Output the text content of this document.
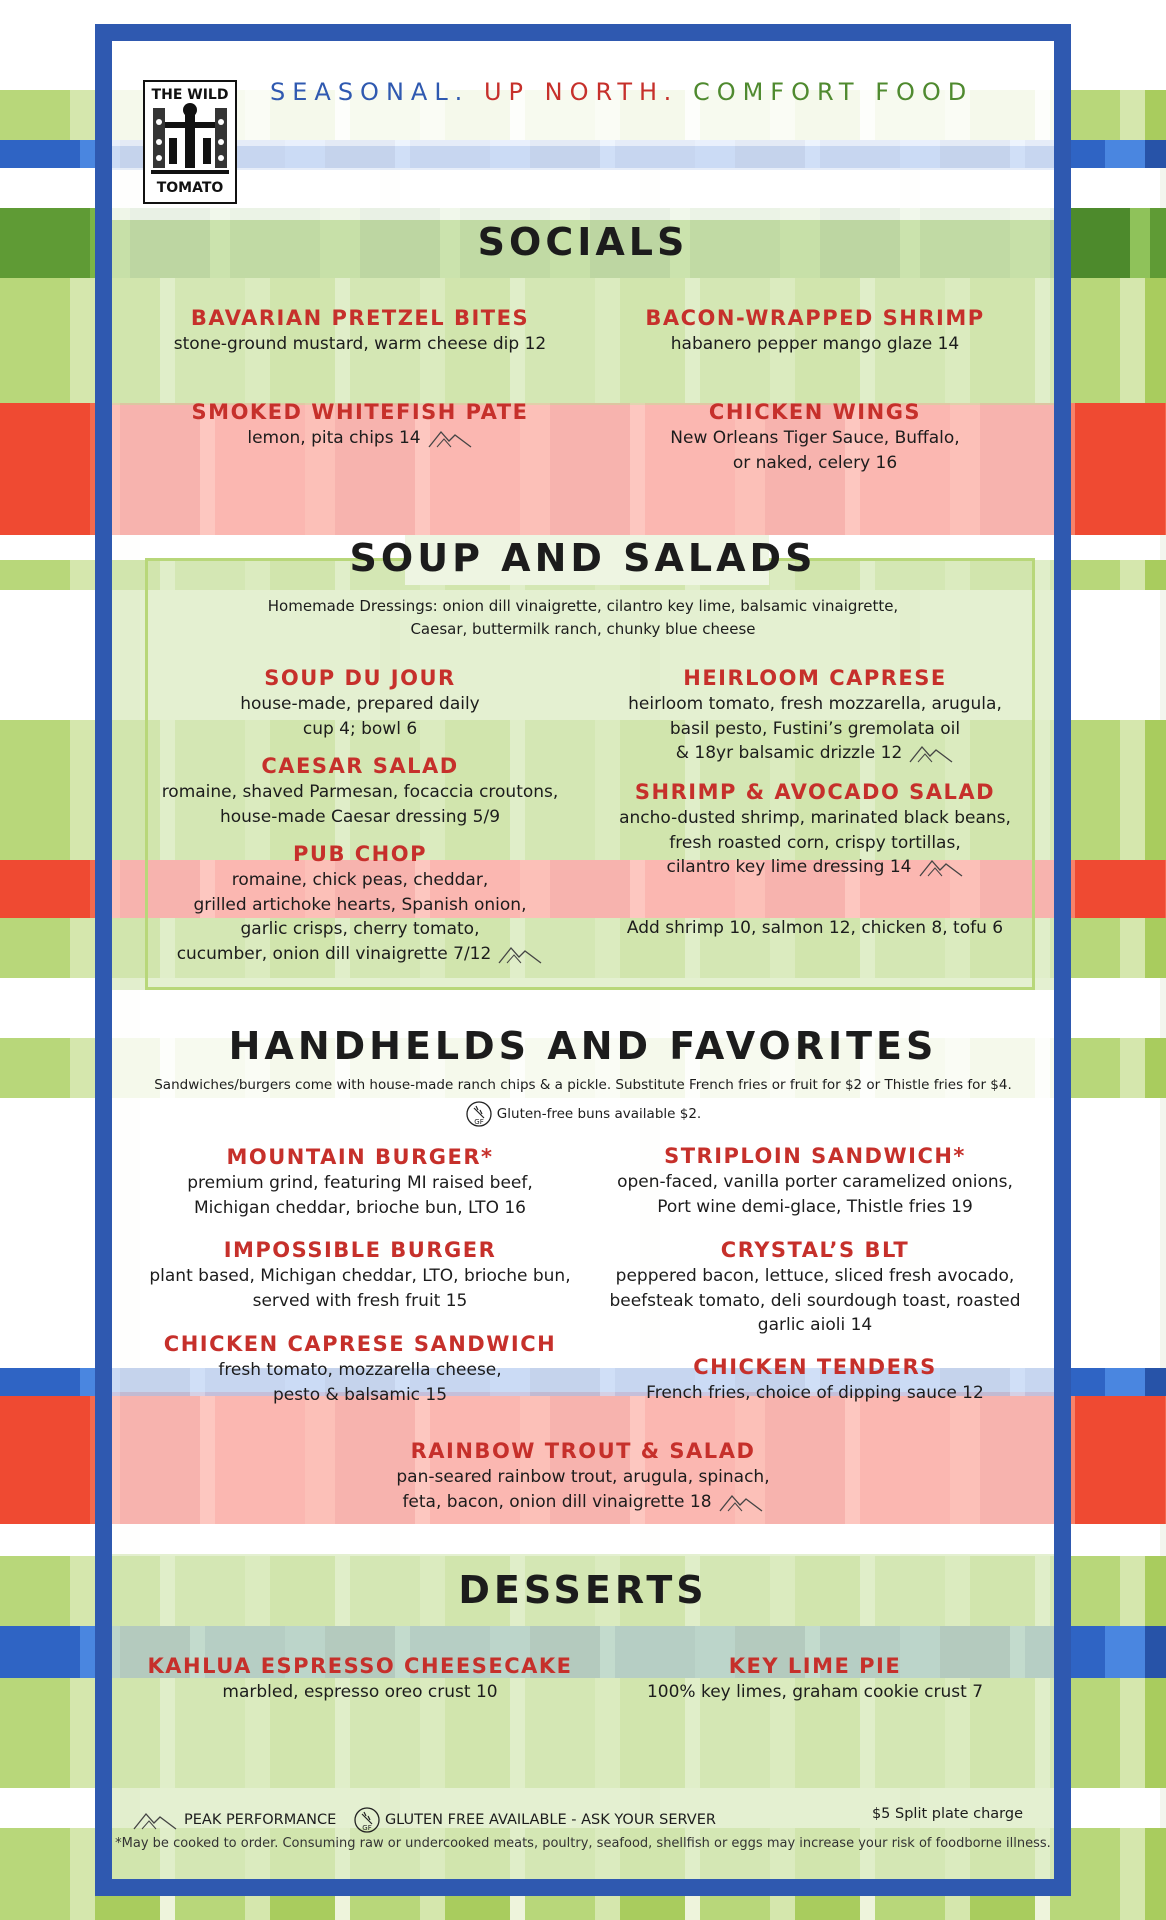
THE WILD
TOMATO
SEASONAL. UP NORTH. COMFORT FOOD
SOCIALS
BAVARIAN PRETZEL BITES
stone-ground mustard, warm cheese dip 12
BACON-WRAPPED SHRIMP
habanero pepper mango glaze 14
SMOKED WHITEFISH PATE
lemon, pita chips 14
CHICKEN WINGS
New Orleans Tiger Sauce, Buffalo,
or naked, celery 16
SOUP AND SALADS
Homemade Dressings: onion dill vinaigrette, cilantro key lime, balsamic vinaigrette,
Caesar, buttermilk ranch, chunky blue cheese
SOUP DU JOUR
house-made, prepared daily
cup 4; bowl 6
HEIRLOOM CAPRESE
heirloom tomato, fresh mozzarella, arugula,
basil pesto, Fustini’s gremolata oil
& 18yr balsamic drizzle 12
CAESAR SALAD
romaine, shaved Parmesan, focaccia croutons,
house-made Caesar dressing 5/9
SHRIMP & AVOCADO SALAD
ancho-dusted shrimp, marinated black beans,
fresh roasted corn, crispy tortillas,
cilantro key lime dressing 14
PUB CHOP
romaine, chick peas, cheddar,
grilled artichoke hearts, Spanish onion,
garlic crisps, cherry tomato,
cucumber, onion dill vinaigrette 7/12
Add shrimp 10, salmon 12, chicken 8, tofu 6
HANDHELDS AND FAVORITES
Sandwiches/burgers come with house-made ranch chips & a pickle. Substitute French fries or fruit for $2 or Thistle fries for $4.
GF Gluten-free buns available $2.
MOUNTAIN BURGER*
premium grind, featuring MI raised beef,
Michigan cheddar, brioche bun, LTO 16
STRIPLOIN SANDWICH*
open-faced, vanilla porter caramelized onions,
Port wine demi-glace, Thistle fries 19
IMPOSSIBLE BURGER
plant based, Michigan cheddar, LTO, brioche bun,
served with fresh fruit 15
CRYSTAL’S BLT
peppered bacon, lettuce, sliced fresh avocado,
beefsteak tomato, deli sourdough toast, roasted
garlic aioli 14
CHICKEN CAPRESE SANDWICH
fresh tomato, mozzarella cheese,
pesto & balsamic 15
CHICKEN TENDERS
French fries, choice of dipping sauce 12
RAINBOW TROUT & SALAD
pan-seared rainbow trout, arugula, spinach,
feta, bacon, onion dill vinaigrette 18
DESSERTS
KAHLUA ESPRESSO CHEESECAKE
marbled, espresso oreo crust 10
KEY LIME PIE
100% key limes, graham cookie crust 7
PEAK PERFORMANCE	GF GLUTEN FREE AVAILABLE - ASK YOUR SERVER	$5 Split plate charge
*May be cooked to order. Consuming raw or undercooked meats, poultry, seafood, shellfish or eggs may increase your risk of foodborne illness.
